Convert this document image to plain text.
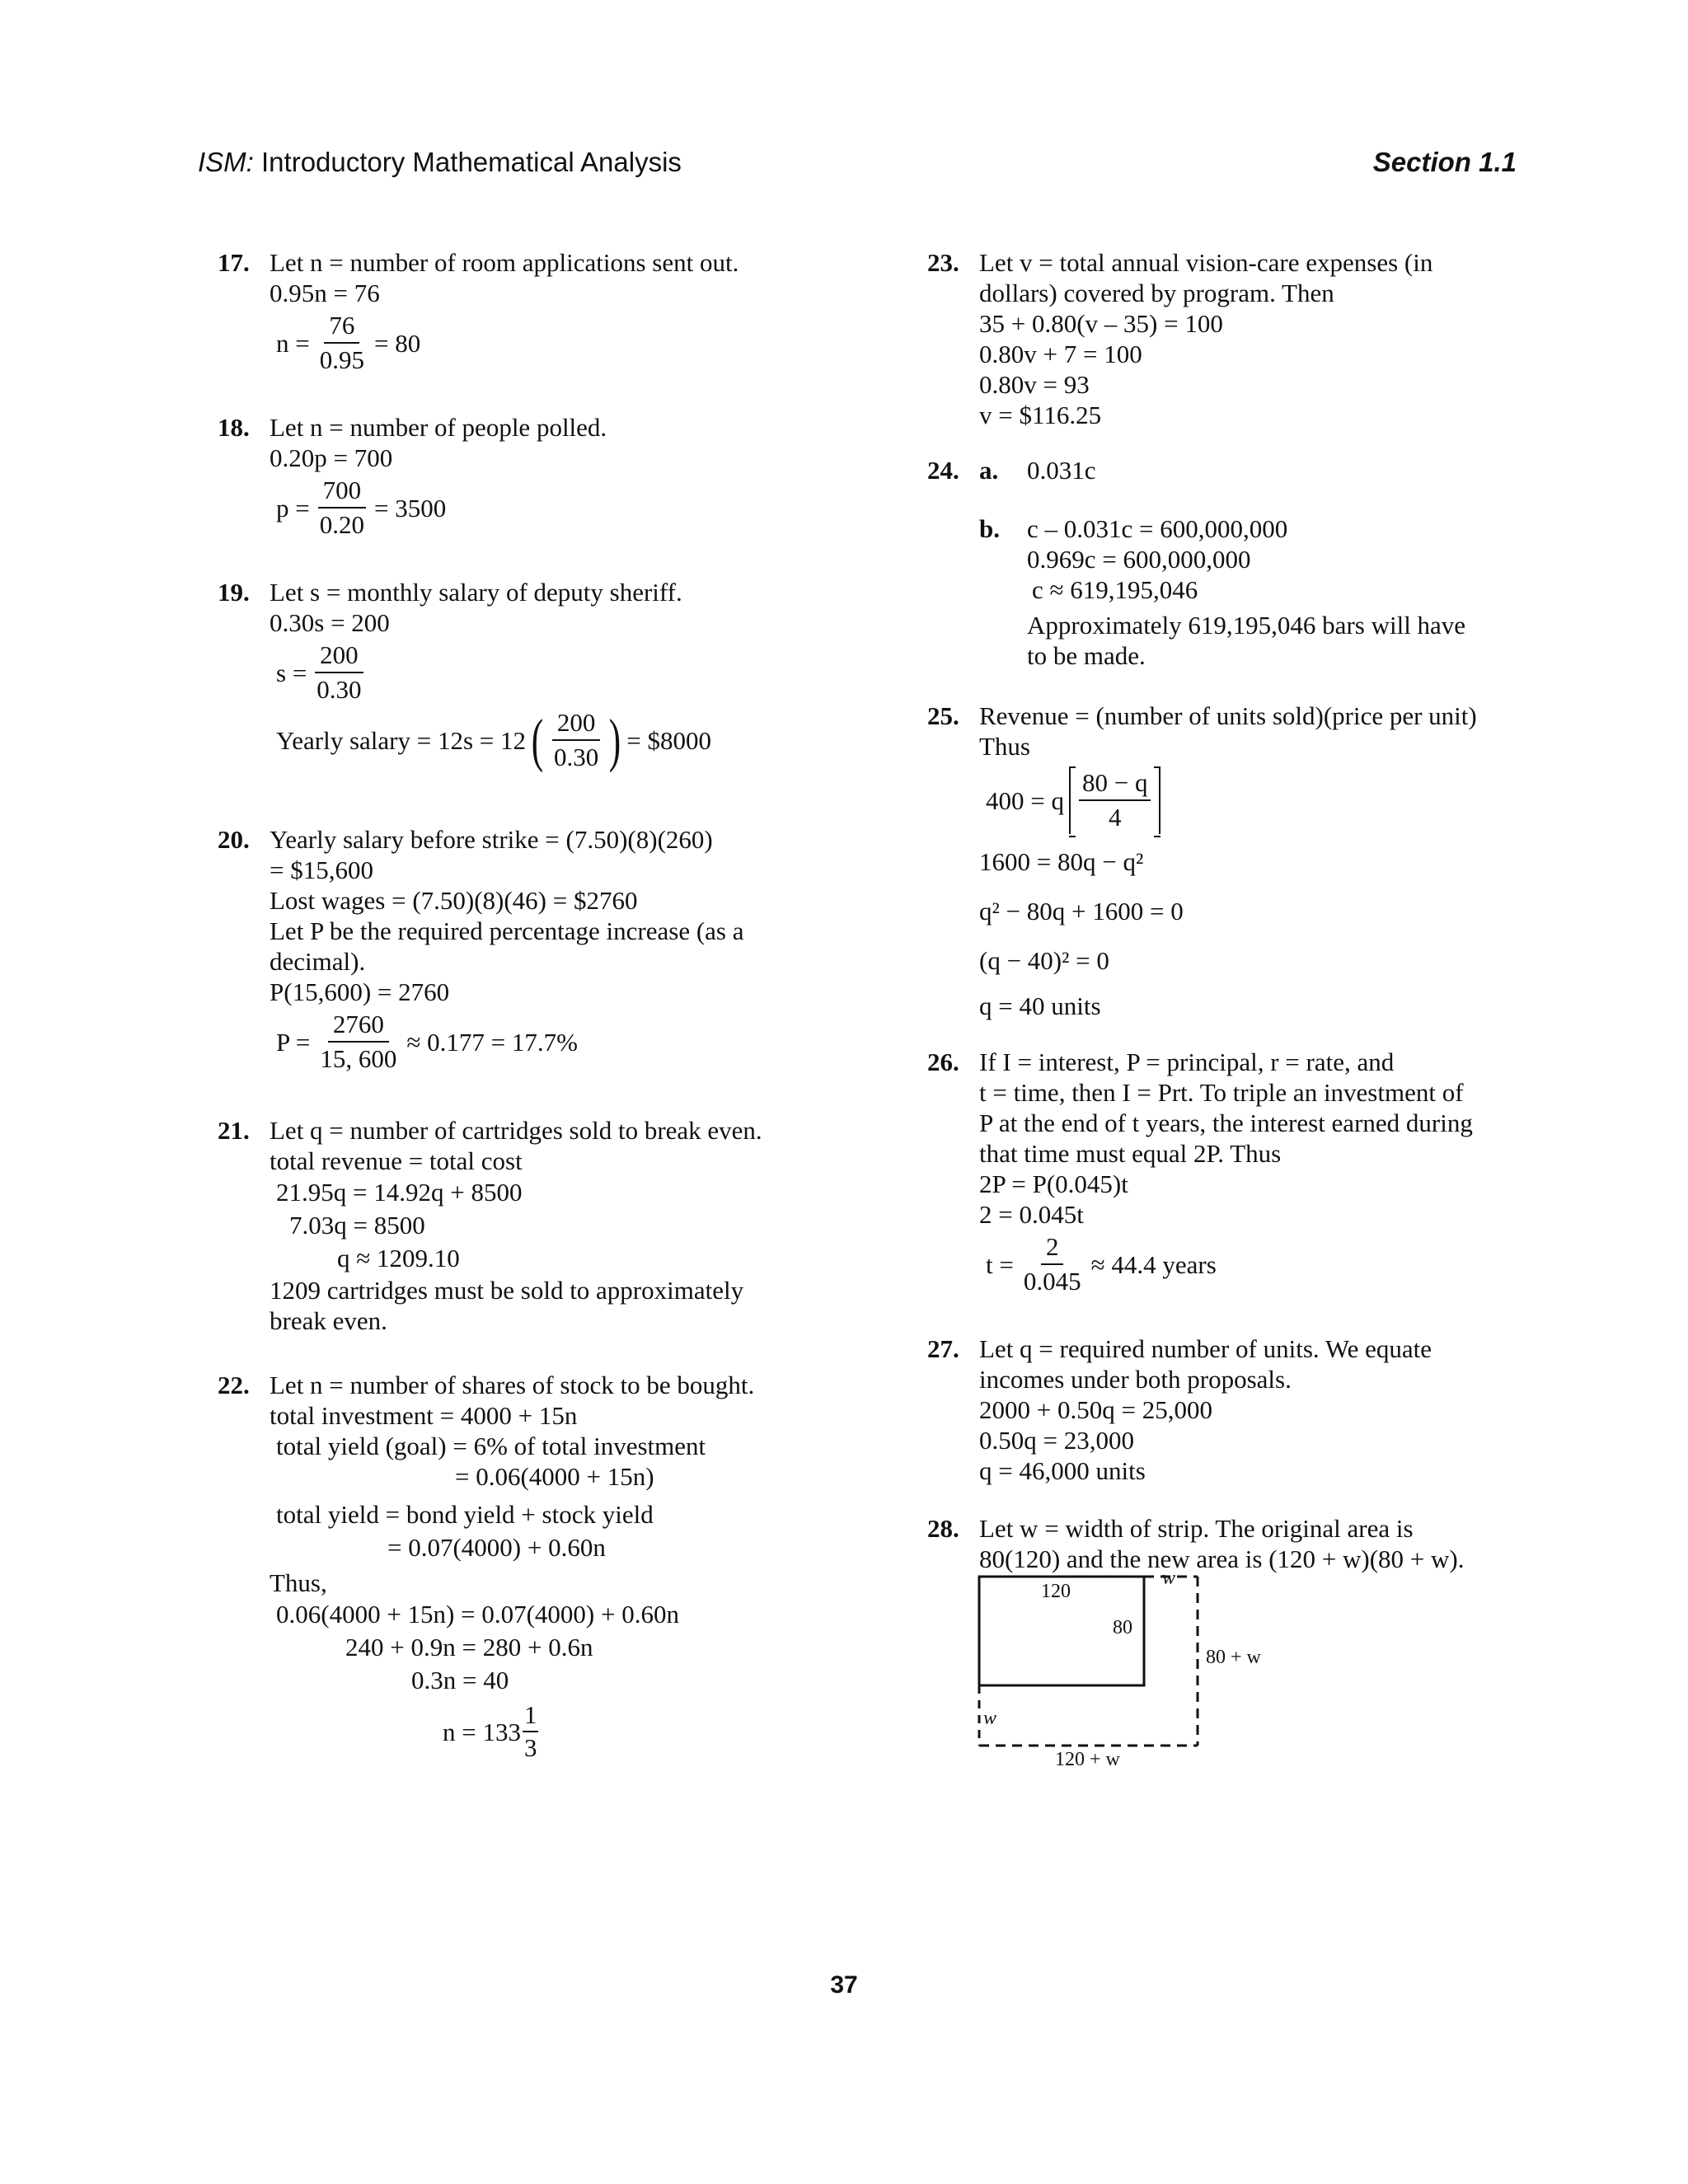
ISM: Introductory Mathematical Analysis	Section 1.1
17. Let n = number of room applications sent out.
0.95n = 76
$n = \frac{76}{0.95} = 80$
18. Let n = number of people polled.
0.20p = 700
$p = \frac{700}{0.20} = 3500$
19. Let s = monthly salary of deputy sheriff.
0.30s = 200
$s = \frac{200}{0.30}$
Yearly salary = 12s = 12 ( $\frac{200}{0.30}$ ) = $8000
20. Yearly salary before strike = (7.50)(8)(260)
= $15,600
Lost wages = (7.50)(8)(46) = $2760
Let P be the required percentage increase (as a
decimal).
P(15,600) = 2760
$P = \frac{2760}{15, 600} \approx 0.177 = 17.7\%$
21. Let q = number of cartridges sold to break even.
total revenue = total cost
21.95q = 14.92q + 8500
7.03q = 8500
q ≈ 1209.10
1209 cartridges must be sold to approximately
break even.
22. Let n = number of shares of stock to be bought.
total investment = 4000 + 15n
total yield (goal) = 6% of total investment
= 0.06(4000 + 15n)
total yield = bond yield + stock yield
= 0.07(4000) + 0.60n
Thus,
0.06(4000 + 15n) = 0.07(4000) + 0.60n
240 + 0.9n = 280 + 0.6n
0.3n = 40
$n = 133 \frac{1}{3}$
23. Let v = total annual vision-care expenses (in
dollars) covered by program. Then
35 + 0.80(v – 35) = 100
0.80v + 7 = 100
0.80v = 93
v = $116.25
24. a. 0.031c
b. c – 0.031c = 600,000,000
0.969c = 600,000,000
c ≈ 619,195,046
Approximately 619,195,046 bars will have
to be made.
25. Revenue = (number of units sold)(price per unit)
Thus
400 = q $\frac{80 - q}{4}$
1600 = 80q − q²
q² − 80q + 1600 = 0
(q − 40)² = 0
q = 40 units
26. If I = interest, P = principal, r = rate, and
t = time, then I = Prt. To triple an investment of
P at the end of t years, the interest earned during
that time must equal 2P. Thus
2P = P(0.045)t
2 = 0.045t
$t = \frac{2}{0.045} \approx 44.4$ years
27. Let q = required number of units. We equate
incomes under both proposals.
2000 + 0.50q = 25,000
0.50q = 23,000
q = 46,000 units
28. Let w = width of strip. The original area is
80(120) and the new area is (120 + w)(80 + w).
120
80
w
80 + w
w
120 + w
37
